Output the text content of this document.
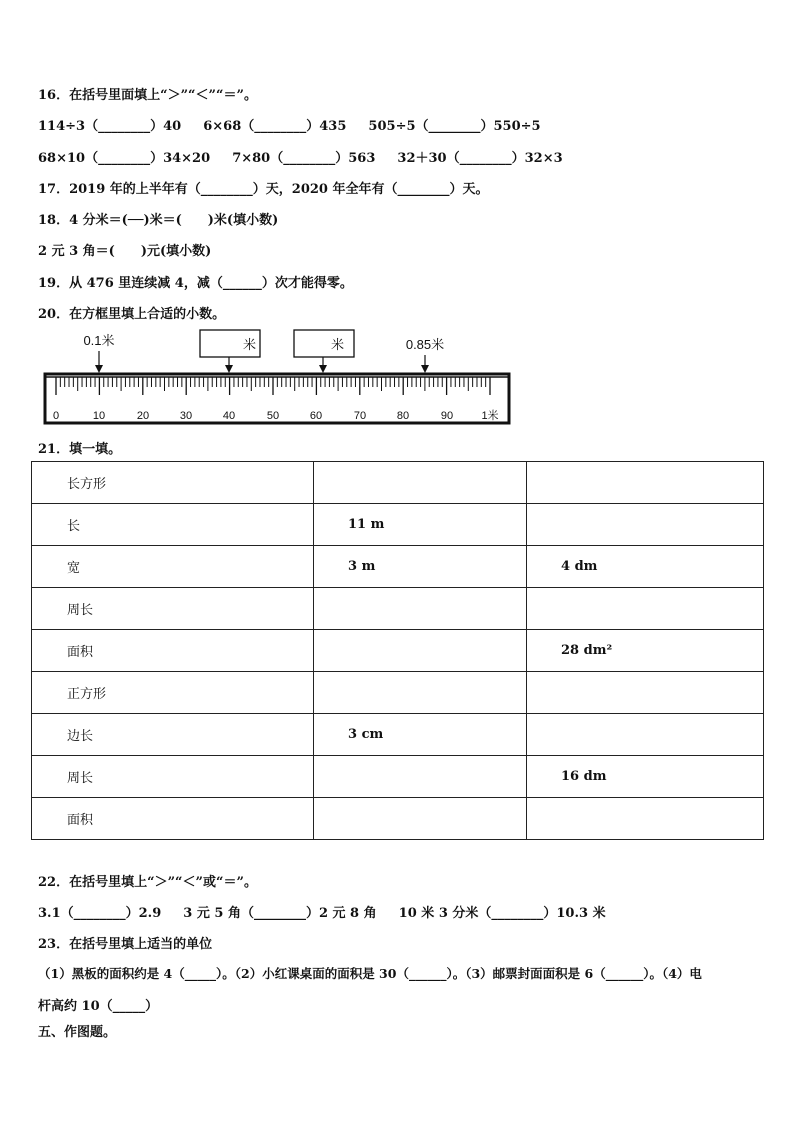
16．在括号里面填上“＞”“＜”“＝”。
114÷3（________）40　  6×68（________）435　  505÷5（________）550÷5
68×10（________）34×20　  7×80（________）563　  32＋30（________）32×3
17．2019 年的上半年有（________）天，2020 年全年有（________）天。
18．4 分米＝(──)米＝(　　)米(填小数)
2 元 3 角＝(　　)元(填小数)
19．从 476 里连续减 4，减（______）次才能得零。
20．在方框里填上合适的小数。
0	10	20	30	40	50	60	70	80	90	1米
0.1米	米	米	0.85米
21．填一填。
长方形		
长	11 m	
宽	3 m	4 dm
周长		
面积		28 dm²
正方形		
边长	3 cm	
周长		16 dm
面积		
22．在括号里填上“＞”“＜”或“＝”。
3.1（________）2.9　  3 元 5 角（________）2 元 8 角　  10 米 3 分米（________）10.3 米
23．在括号里填上适当的单位
（1）黑板的面积约是 4（_____）。（2）小红课桌面的面积是 30（______）。（3）邮票封面面积是 6（______）。（4）电
杆高约 10（_____）
五、作图题。
